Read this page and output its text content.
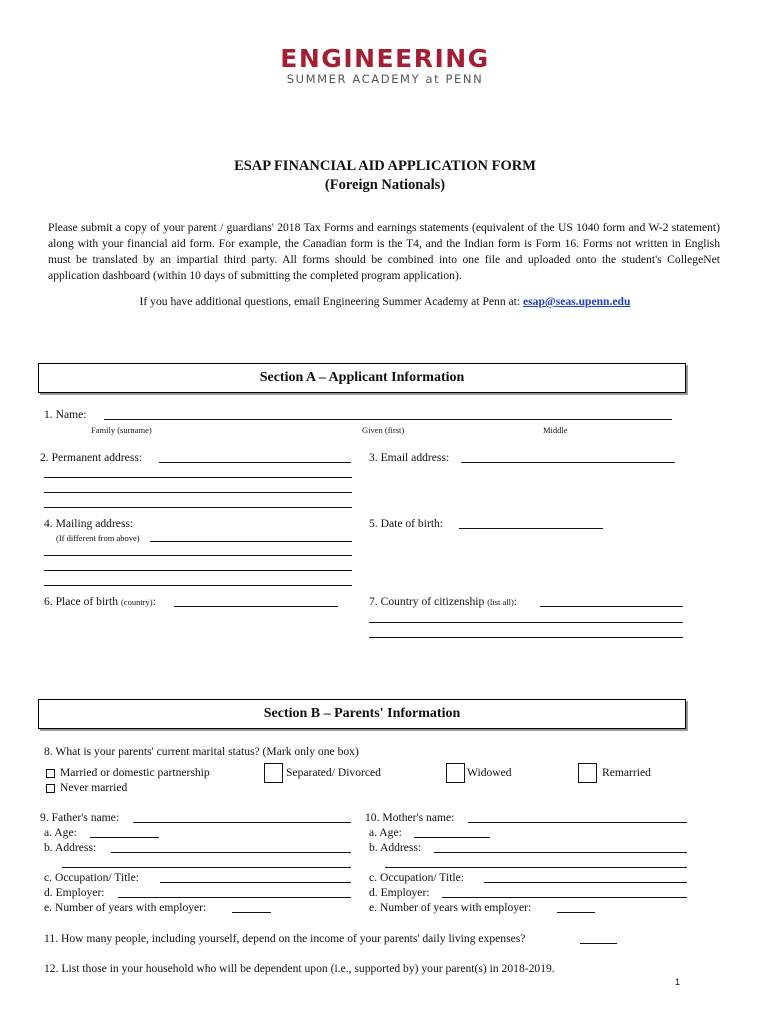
ENGINEERING
SUMMER ACADEMY at PENN
ESAP FINANCIAL AID APPLICATION FORM
(Foreign Nationals)
Please submit a copy of your parent / guardians' 2018 Tax Forms and earnings statements (equivalent of the US 1040 form and W-2 statement) along with your financial aid form. For example, the Canadian form is the T4, and the Indian form is Form 16. Forms not written in English must be translated by an impartial third party. All forms should be combined into one file and uploaded onto the student's CollegeNet application dashboard (within 10 days of submitting the completed program application).
If you have additional questions, email Engineering Summer Academy at Penn at: esap@seas.upenn.edu
Section A – Applicant Information
1. Name:
Family (surname)	Given (first)	Middle
2. Permanent address:	3. Email address:
4. Mailing address:
(If different from above)
5. Date of birth:
6. Place of birth (country):	7. Country of citizenship (list all):
Section B – Parents' Information
8. What is your parents' current marital status? (Mark only one box)
Married or domestic partnership
Never married
Separated/ Divorced	Widowed	Remarried
9. Father's name:
a. Age:
b. Address:
c. Occupation/ Title:
d. Employer:
e. Number of years with employer:
10. Mother's name:
a. Age:
b. Address:
c. Occupation/ Title:
d. Employer:
e. Number of years with employer:
11. How many people, including yourself, depend on the income of your parents' daily living expenses?
12. List those in your household who will be dependent upon (i.e., supported by) your parent(s) in 2018-2019.
1
